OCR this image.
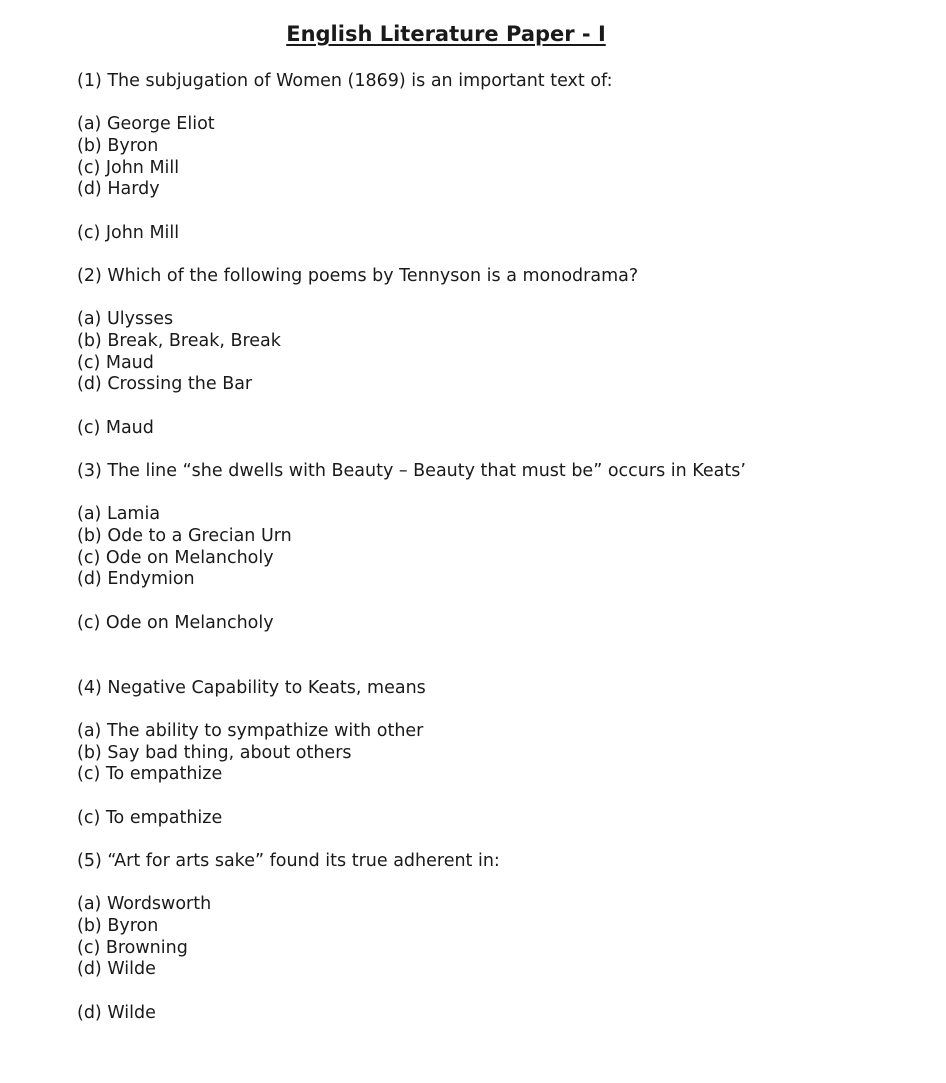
English Literature Paper - I
(1) The subjugation of Women (1869) is an important text of:
(a) George Eliot
(b) Byron
(c) John Mill
(d) Hardy
(c) John Mill
(2) Which of the following poems by Tennyson is a monodrama?
(a) Ulysses
(b) Break, Break, Break
(c) Maud
(d) Crossing the Bar
(c) Maud
(3) The line “she dwells with Beauty – Beauty that must be” occurs in Keats’
(a) Lamia
(b) Ode to a Grecian Urn
(c) Ode on Melancholy
(d) Endymion
(c) Ode on Melancholy
(4) Negative Capability to Keats, means
(a) The ability to sympathize with other
(b) Say bad thing, about others
(c) To empathize
(c) To empathize
(5) “Art for arts sake” found its true adherent in:
(a) Wordsworth
(b) Byron
(c) Browning
(d) Wilde
(d) Wilde
